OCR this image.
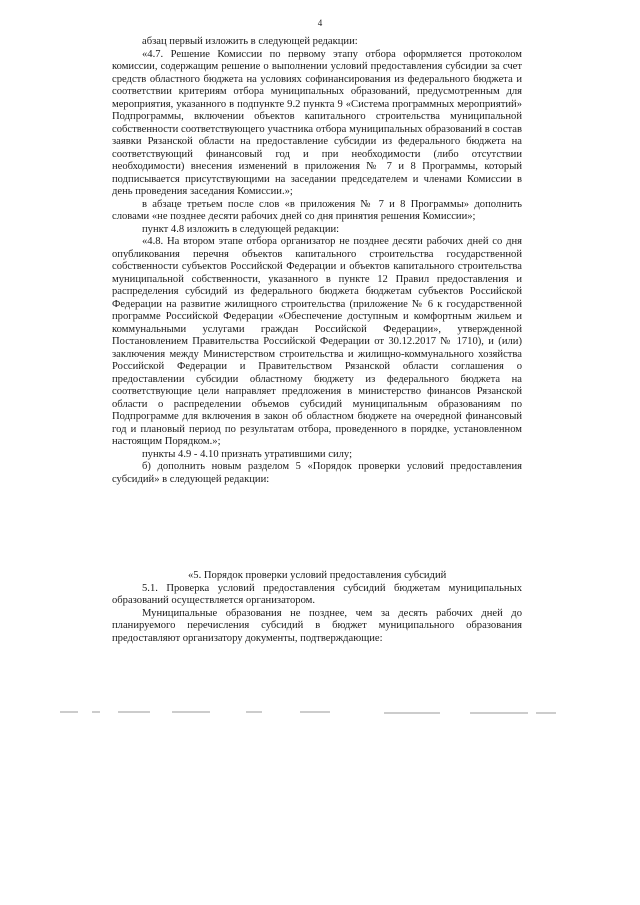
4

абзац первый изложить в следующей редакции:

«4.7. Решение Комиссии по первому этапу отбора оформляется протоколом комиссии, содержащим решение о выполнении условий предоставления субсидии за счет средств областного бюджета на условиях софинансирования из федерального бюджета и соответствии критериям отбора муниципальных образований, предусмотренным для мероприятия, указанного в подпункте 9.2 пункта 9 «Система программных мероприятий» Подпрограммы, включении объектов капитального строительства муниципальной собственности соответствующего участника отбора муниципальных образований в состав заявки Рязанской области на предоставление субсидии из федерального бюджета на соответствующий финансовый год и при необходимости (либо отсутствии необходимости) внесения изменений в приложения № 7 и 8 Программы, который подписывается присутствующими на заседании председателем и членами Комиссии в день проведения заседания Комиссии.»;

в абзаце третьем после слов «в приложения № 7 и 8 Программы» дополнить словами «не позднее десяти рабочих дней со дня принятия решения Комиссии»;

пункт 4.8 изложить в следующей редакции:

«4.8. На втором этапе отбора организатор не позднее десяти рабочих дней со дня опубликования перечня объектов капитального строительства государственной собственности субъектов Российской Федерации и объектов капитального строительства муниципальной собственности, указанного в пункте 12 Правил предоставления и распределения субсидий из федерального бюджета бюджетам субъектов Российской Федерации на развитие жилищного строительства (приложение № 6 к государственной программе Российской Федерации «Обеспечение доступным и комфортным жильем и коммунальными услугами граждан Российской Федерации», утвержденной Постановлением Правительства Российской Федерации от 30.12.2017 № 1710), и (или) заключения между Министерством строительства и жилищно-коммунального хозяйства Российской Федерации и Правительством Рязанской области соглашения о предоставлении субсидии областному бюджету из федерального бюджета на соответствующие цели направляет предложения в министерство финансов Рязанской области о распределении объемов субсидий муниципальным образованиям по Подпрограмме для включения в закон об областном бюджете на очередной финансовый год и плановый период по результатам отбора, проведенного в порядке, установленном настоящим Порядком.»;

пункты 4.9 - 4.10 признать утратившими силу;

б) дополнить новым разделом 5 «Порядок проверки условий предоставления субсидий» в следующей редакции:

«5. Порядок проверки условий предоставления субсидий

5.1. Проверка условий предоставления субсидий бюджетам муниципальных образований осуществляется организатором.

Муниципальные образования не позднее, чем за десять рабочих дней до планируемого перечисления субсидий в бюджет муниципального образования предоставляют организатору документы, подтверждающие:
